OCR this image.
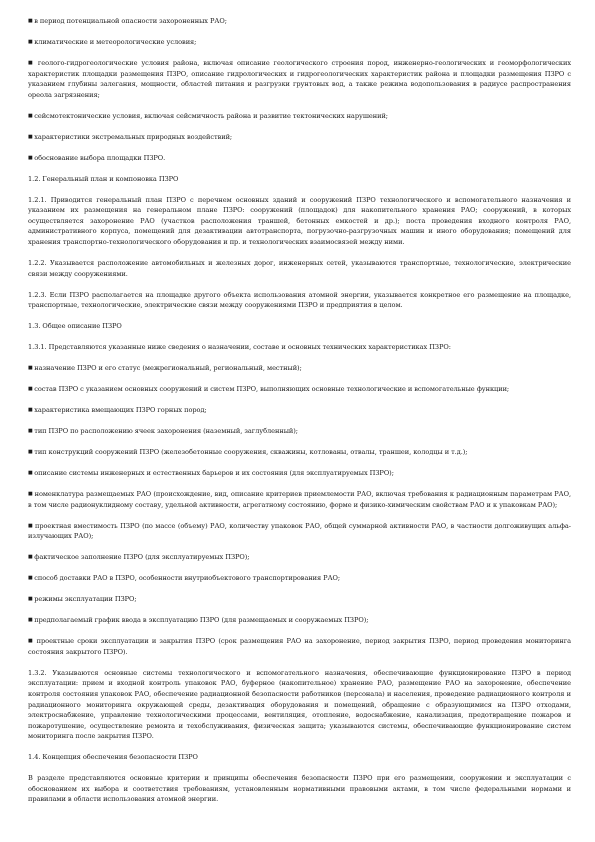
■ в период потенциальной опасности захороненных РАО;

■ климатические и метеорологические условия;

■ геолого-гидрогеологические условия района, включая описание геологического строения пород, инженерно-геологических и геоморфологических характеристик площадки размещения ПЗРО, описание гидрологических и гидрогеологических характеристик района и площадки размещения ПЗРО с указанием глубины залегания, мощности, областей питания и разгрузки грунтовых вод, а также режима водопользования в радиусе распространения ореола загрязнения;

■ сейсмотектонические условия, включая сейсмичность района и развитие тектонических нарушений;

■ характеристики экстремальных природных воздействий;

■ обоснование выбора площадки ПЗРО.

1.2. Генеральный план и компоновка ПЗРО

1.2.1. Приводится генеральный план ПЗРО с перечнем основных зданий и сооружений ПЗРО технологического и вспомогательного назначения и указанием их размещения на генеральном плане ПЗРО: сооружений (площадок) для накопительного хранения РАО; сооружений, в которых осуществляется захоронение РАО (участков расположения траншей, бетонных емкостей и др.); поста проведения входного контроля РАО, административного корпуса, помещений для дезактивации автотранспорта, погрузочно-разгрузочных машин и иного оборудования; помещений для хранения транспортно-технологического оборудования и пр. и технологических взаимосвязей между ними.

1.2.2. Указывается расположение автомобильных и железных дорог, инженерных сетей, указываются транспортные, технологические, электрические связи между сооружениями.

1.2.3. Если ПЗРО располагается на площадке другого объекта использования атомной энергии, указывается конкретное его размещение на площадке, транспортные, технологические, электрические связи между сооружениями ПЗРО и предприятия в целом.

1.3. Общее описание ПЗРО

1.3.1. Представляются указанные ниже сведения о назначении, составе и основных технических характеристиках ПЗРО:

■ назначение ПЗРО и его статус (межрегиональный, региональный, местный);

■ состав ПЗРО с указанием основных сооружений и систем ПЗРО, выполняющих основные технологические и вспомогательные функции;

■ характеристика вмещающих ПЗРО горных пород;

■ тип ПЗРО по расположению ячеек захоронения (наземный, заглубленный);

■ тип конструкций сооружений ПЗРО (железобетонные сооружения, скважины, котлованы, отвалы, траншеи, колодцы и т.д.);

■ описание системы инженерных и естественных барьеров и их состояния (для эксплуатируемых ПЗРО);

■ номенклатура размещаемых РАО (происхождение, вид, описание критериев приемлемости РАО, включая требования к радиационным параметрам РАО, в том числе радионуклидному составу, удельной активности, агрегатному состоянию, форме и физико-химическим свойствам РАО и к упаковкам РАО);

■ проектная вместимость ПЗРО (по массе (объему) РАО, количеству упаковок РАО, общей суммарной активности РАО, в частности долгоживущих альфа-излучающих РАО);

■ фактическое заполнение ПЗРО (для эксплуатируемых ПЗРО);

■ способ доставки РАО в ПЗРО, особенности внутриобъектового транспортирования РАО;

■ режимы эксплуатации ПЗРО;

■ предполагаемый график ввода в эксплуатацию ПЗРО (для размещаемых и сооружаемых ПЗРО);

■ проектные сроки эксплуатации и закрытия ПЗРО (срок размещения РАО на захоронение, период закрытия ПЗРО, период проведения мониторинга состояния закрытого ПЗРО).

1.3.2. Указываются основные системы технологического и вспомогательного назначения, обеспечивающие функционирование ПЗРО в период эксплуатации: прием и входной контроль упаковок РАО, буферное (накопительное) хранение РАО, размещение РАО на захоронение, обеспечение контроля состояния упаковок РАО, обеспечение радиационной безопасности работников (персонала) и населения, проведение радиационного контроля и радиационного мониторинга окружающей среды, дезактивация оборудования и помещений, обращение с образующимися на ПЗРО отходами, электроснабжение, управление технологическими процессами, вентиляция, отопление, водоснабжение, канализация, предотвращение пожаров и пожаротушение, осуществление ремонта и техобслуживания, физическая защита; указываются системы, обеспечивающие функционирование систем мониторинга после закрытия ПЗРО.

1.4. Концепция обеспечения безопасности ПЗРО

В разделе представляются основные критерии и принципы обеспечения безопасности ПЗРО при его размещении, сооружении и эксплуатации с обоснованием их выбора и соответствия требованиям, установленным нормативными правовыми актами, в том числе федеральными нормами и правилами в области использования атомной энергии.
